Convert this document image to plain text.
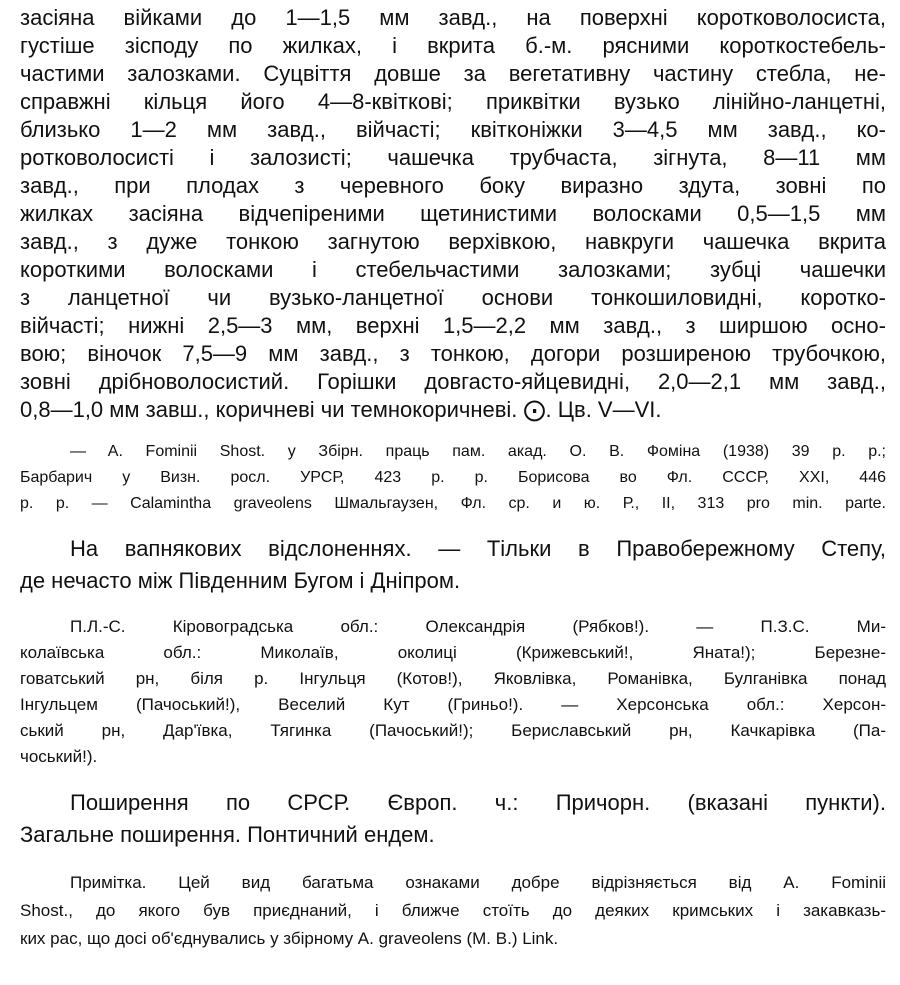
засіяна війками до 1—1,5 мм завд., на поверхні коротковолосиста,
густіше зісподу по жилках, і вкрита б.-м. рясними короткостебель-
частими залозками. Суцвіття довше за вегетативну частину стебла, не-
справжні кільця його 4—8-квіткові; приквітки вузько лінійно-ланцетні,
близько 1—2 мм завд., війчасті; квітконіжки 3—4,5 мм завд., ко-
ротковолосисті і залозисті; чашечка трубчаста, зігнута, 8—11 мм
завд., при плодах з черевного боку виразно здута, зовні по
жилках засіяна відчепіреними щетинистими волосками 0,5—1,5 мм
завд., з дуже тонкою загнутою верхівкою, навкруги чашечка вкрита
короткими волосками і стебельчастими залозками; зубці чашечки
з ланцетної чи вузько-ланцетної основи тонкошиловидні, коротко-
війчасті; нижні 2,5—3 мм, верхні 1,5—2,2 мм завд., з ширшою осно-
вою; віночок 7,5—9 мм завд., з тонкою, догори розширеною трубочкою,
зовні дрібноволосистий. Горішки довгасто-яйцевидні, 2,0—2,1 мм завд.,
0,8—1,0 мм завш., коричневі чи темнокоричневі. ⨀. Цв. V—VI.
— A. Fominii Shost. у Збірн. праць пам. акад. О. В. Фоміна (1938) 39 р. р.;
Барбарич у Визн. росл. УРСР, 423 р. р. Борисова во Фл. СССР, XXI, 446
р. р. — Calamintha graveolens Шмальгаузен, Фл. ср. и ю. Р., II, 313 pro min. parte.
На вапнякових відслоненнях. — Тільки в Правобережному Степу,
де нечасто між Південним Бугом і Дніпром.
П.Л.-С. Кіровоградська обл.: Олександрія (Рябков!). — П.З.С. Ми-
колаївська обл.: Миколаїв, околиці (Крижевський!, Яната!); Березне-
говатський рн, біля р. Інгульця (Котов!), Яковлівка, Романівка, Булганівка понад
Інгульцем (Пачоський!), Веселий Кут (Гриньо!). — Херсонська обл.: Херсон-
ський рн, Дар'ївка, Тягинка (Пачоський!); Бериславський рн, Качкарівка (Па-
чоський!).
Поширення по СРСР. Європ. ч.: Причорн. (вказані пункти).
Загальне поширення. Понтичний ендем.
Примітка. Цей вид багатьма ознаками добре відрізняється від A. Fominii
Shost., до якого був приєднаний, і ближче стоїть до деяких кримських і закавказь-
ких рас, що досі об'єднувались у збірному A. graveolens (М. В.) Link.
